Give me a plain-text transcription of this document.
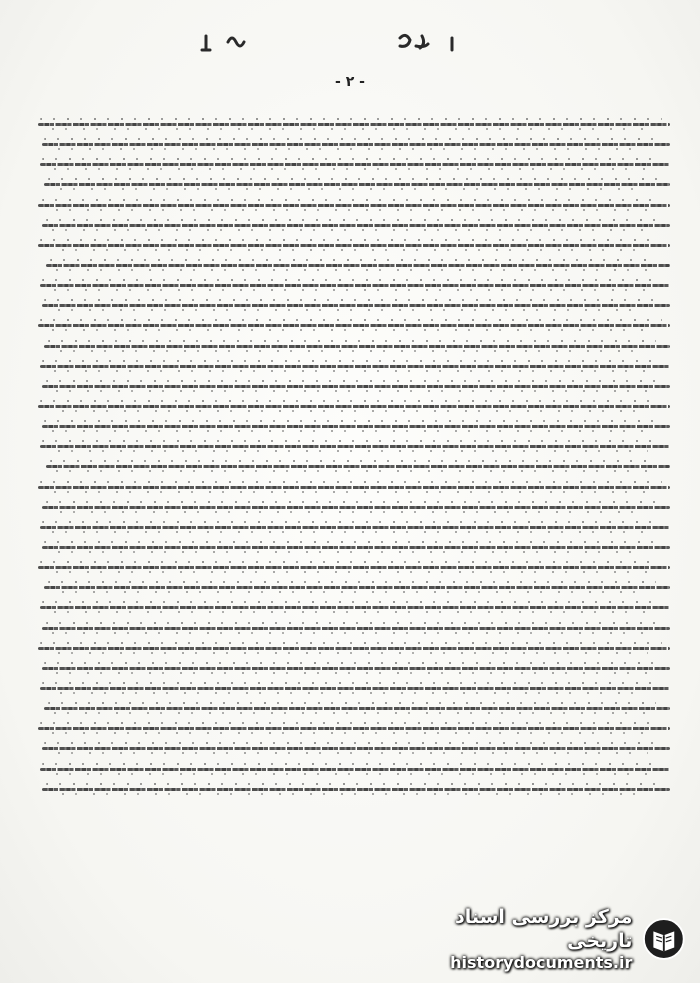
- ۲ -
مرکز بررسی اسناد تاریخی
historydocuments.ir
